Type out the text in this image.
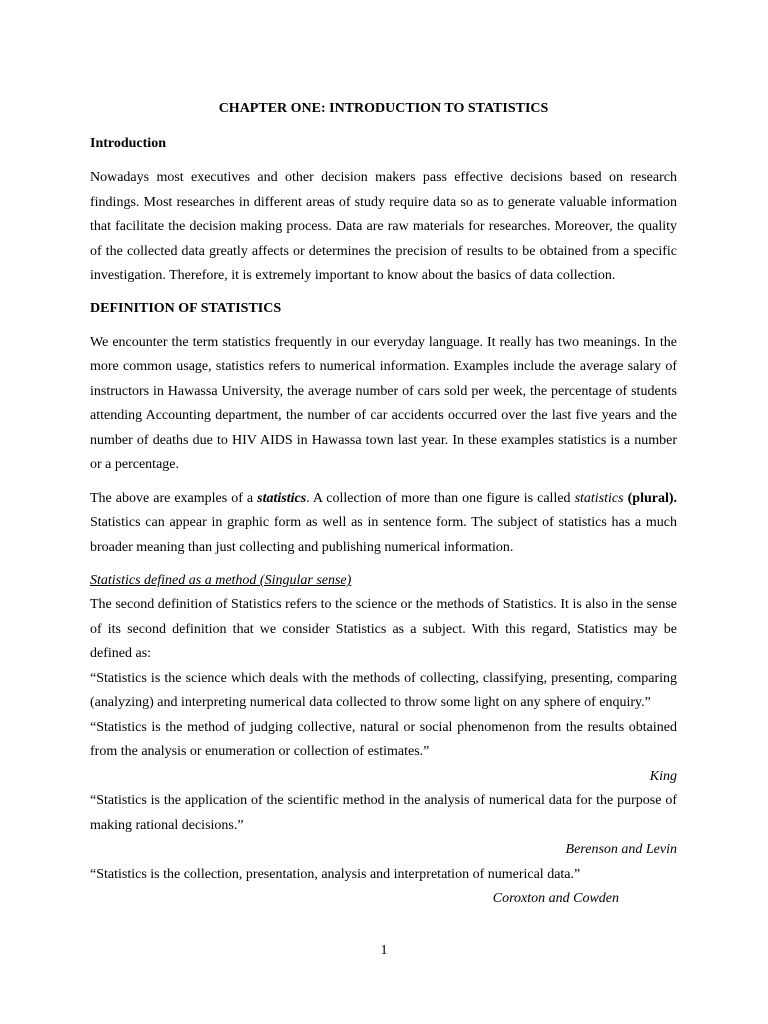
CHAPTER ONE: INTRODUCTION TO STATISTICS

Introduction

Nowadays most executives and other decision makers pass effective decisions based on research findings. Most researches in different areas of study require data so as to generate valuable information that facilitate the decision making process. Data are raw materials for researches. Moreover, the quality of the collected data greatly affects or determines the precision of results to be obtained from a specific investigation. Therefore, it is extremely important to know about the basics of data collection.

DEFINITION OF STATISTICS

We encounter the term statistics frequently in our everyday language. It really has two meanings. In the more common usage, statistics refers to numerical information. Examples include the average salary of instructors in Hawassa University, the average number of cars sold per week, the percentage of students attending Accounting department, the number of car accidents occurred over the last five years and the number of deaths due to HIV AIDS in Hawassa town last year. In these examples statistics is a number or a percentage.

The above are examples of a statistics. A collection of more than one figure is called statistics (plural). Statistics can appear in graphic form as well as in sentence form. The subject of statistics has a much broader meaning than just collecting and publishing numerical information.

Statistics defined as a method (Singular sense)

The second definition of Statistics refers to the science or the methods of Statistics. It is also in the sense of its second definition that we consider Statistics as a subject. With this regard, Statistics may be defined as:

“Statistics is the science which deals with the methods of collecting, classifying, presenting, comparing (analyzing) and interpreting numerical data collected to throw some light on any sphere of enquiry.”

“Statistics is the method of judging collective, natural or social phenomenon from the results obtained from the analysis or enumeration or collection of estimates.”

King

“Statistics is the application of the scientific method in the analysis of numerical data for the purpose of making rational decisions.”

Berenson and Levin

“Statistics is the collection, presentation, analysis and interpretation of numerical data.”

Coroxton and Cowden

1
